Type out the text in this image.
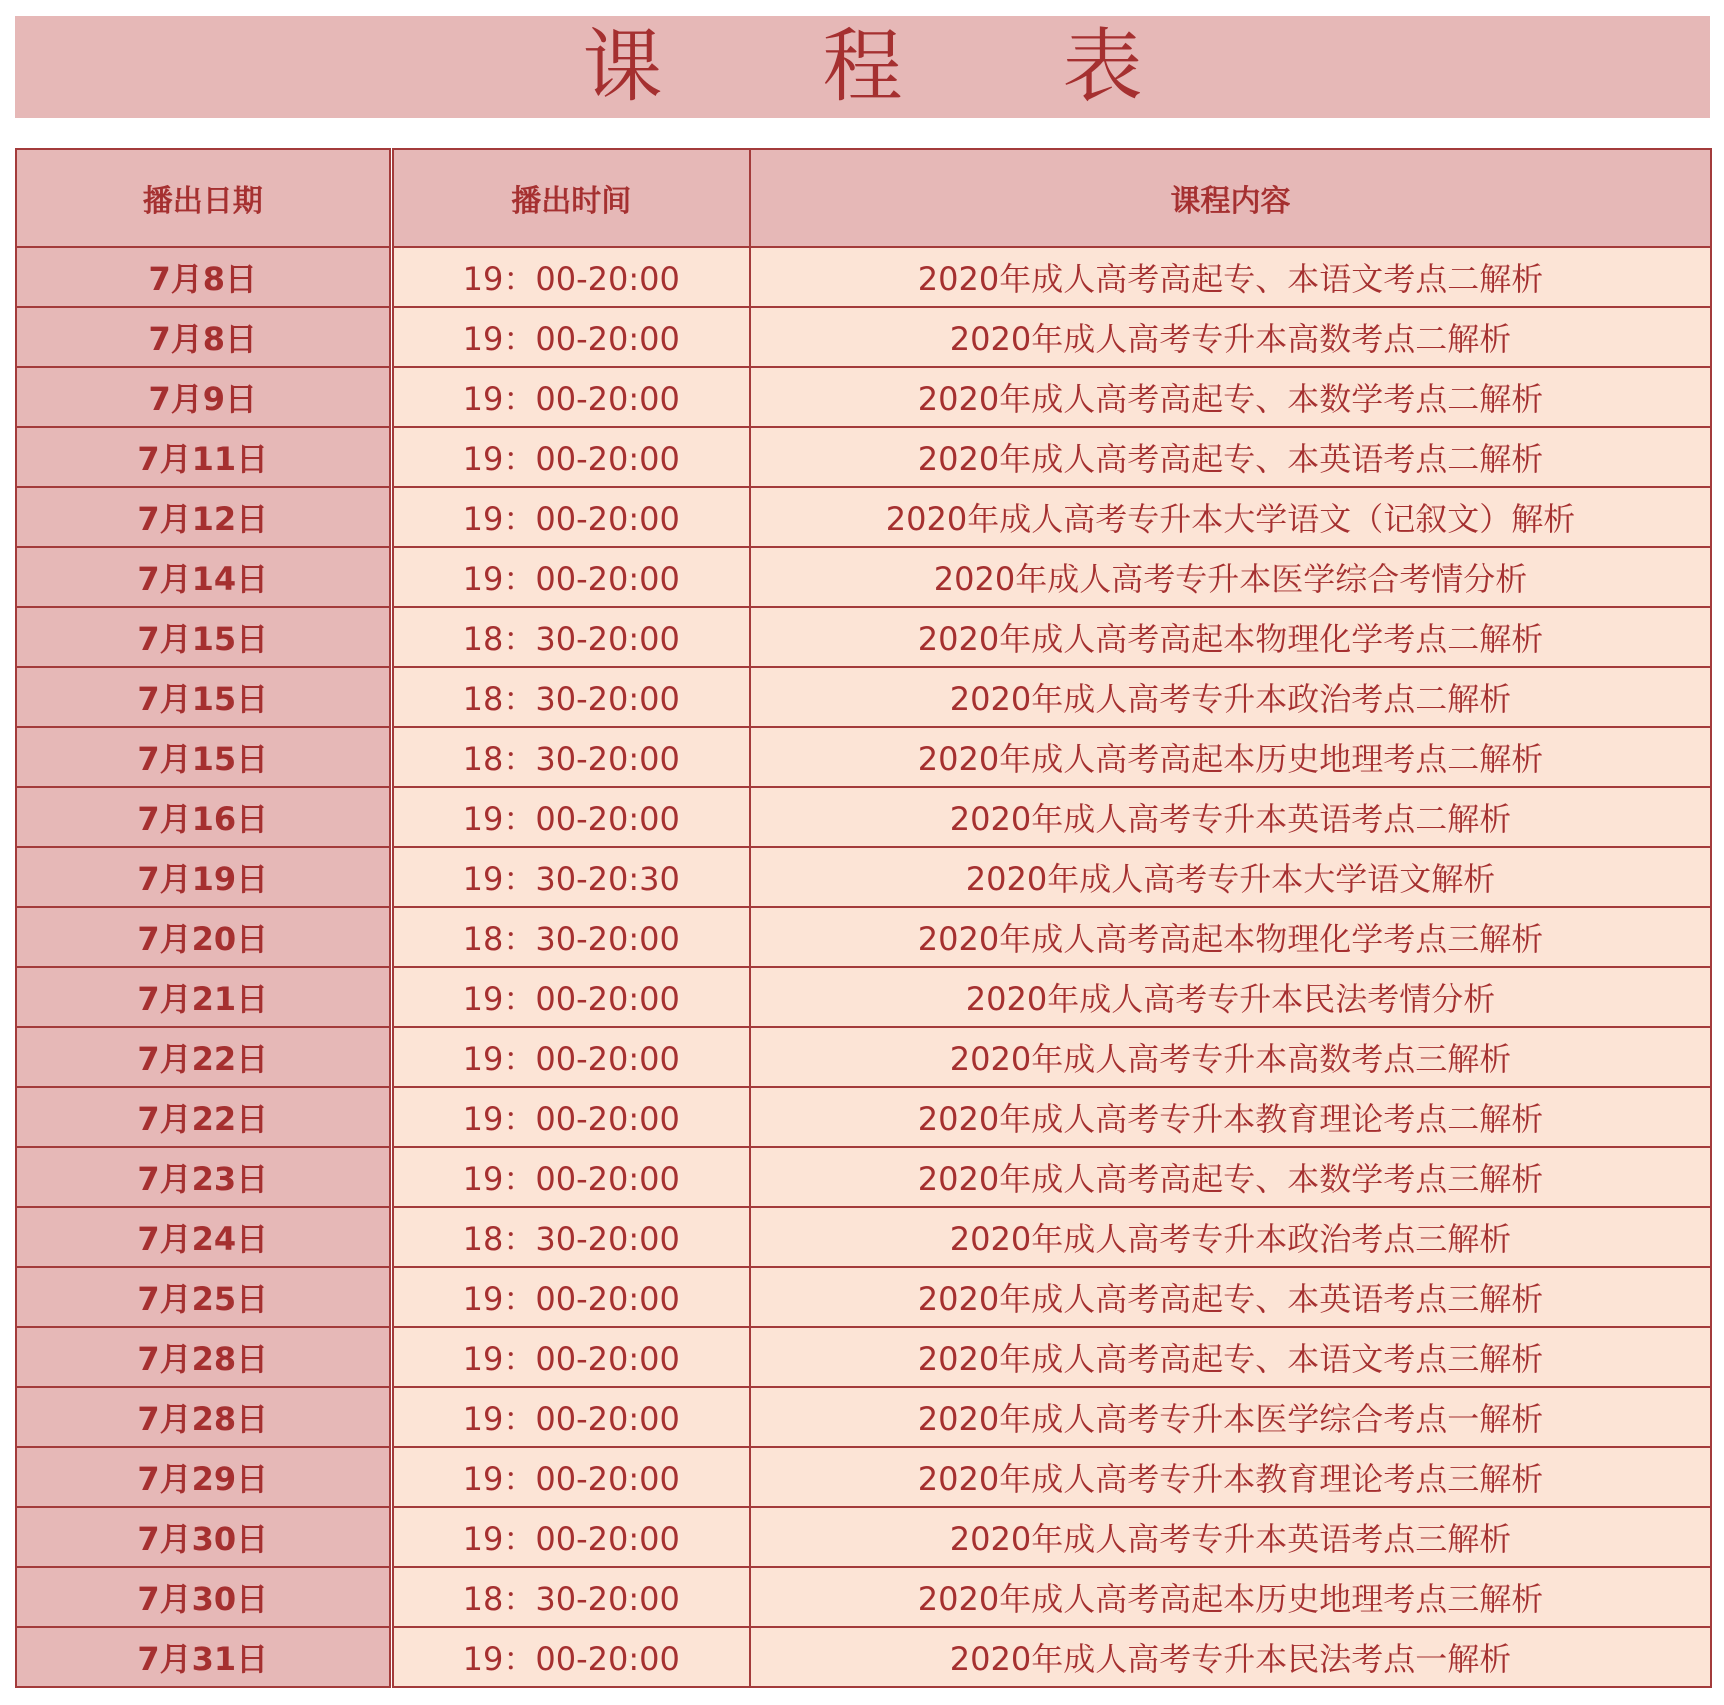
课程表
播出日期	播出时间	课程内容
7月8日	19：00-20:00	2020年成人高考高起专、本语文考点二解析
7月8日	19：00-20:00	2020年成人高考专升本高数考点二解析
7月9日	19：00-20:00	2020年成人高考高起专、本数学考点二解析
7月11日	19：00-20:00	2020年成人高考高起专、本英语考点二解析
7月12日	19：00-20:00	2020年成人高考专升本大学语文（记叙文）解析
7月14日	19：00-20:00	2020年成人高考专升本医学综合考情分析
7月15日	18：30-20:00	2020年成人高考高起本物理化学考点二解析
7月15日	18：30-20:00	2020年成人高考专升本政治考点二解析
7月15日	18：30-20:00	2020年成人高考高起本历史地理考点二解析
7月16日	19：00-20:00	2020年成人高考专升本英语考点二解析
7月19日	19：30-20:30	2020年成人高考专升本大学语文解析
7月20日	18：30-20:00	2020年成人高考高起本物理化学考点三解析
7月21日	19：00-20:00	2020年成人高考专升本民法考情分析
7月22日	19：00-20:00	2020年成人高考专升本高数考点三解析
7月22日	19：00-20:00	2020年成人高考专升本教育理论考点二解析
7月23日	19：00-20:00	2020年成人高考高起专、本数学考点三解析
7月24日	18：30-20:00	2020年成人高考专升本政治考点三解析
7月25日	19：00-20:00	2020年成人高考高起专、本英语考点三解析
7月28日	19：00-20:00	2020年成人高考高起专、本语文考点三解析
7月28日	19：00-20:00	2020年成人高考专升本医学综合考点一解析
7月29日	19：00-20:00	2020年成人高考专升本教育理论考点三解析
7月30日	19：00-20:00	2020年成人高考专升本英语考点三解析
7月30日	18：30-20:00	2020年成人高考高起本历史地理考点三解析
7月31日	19：00-20:00	2020年成人高考专升本民法考点一解析
